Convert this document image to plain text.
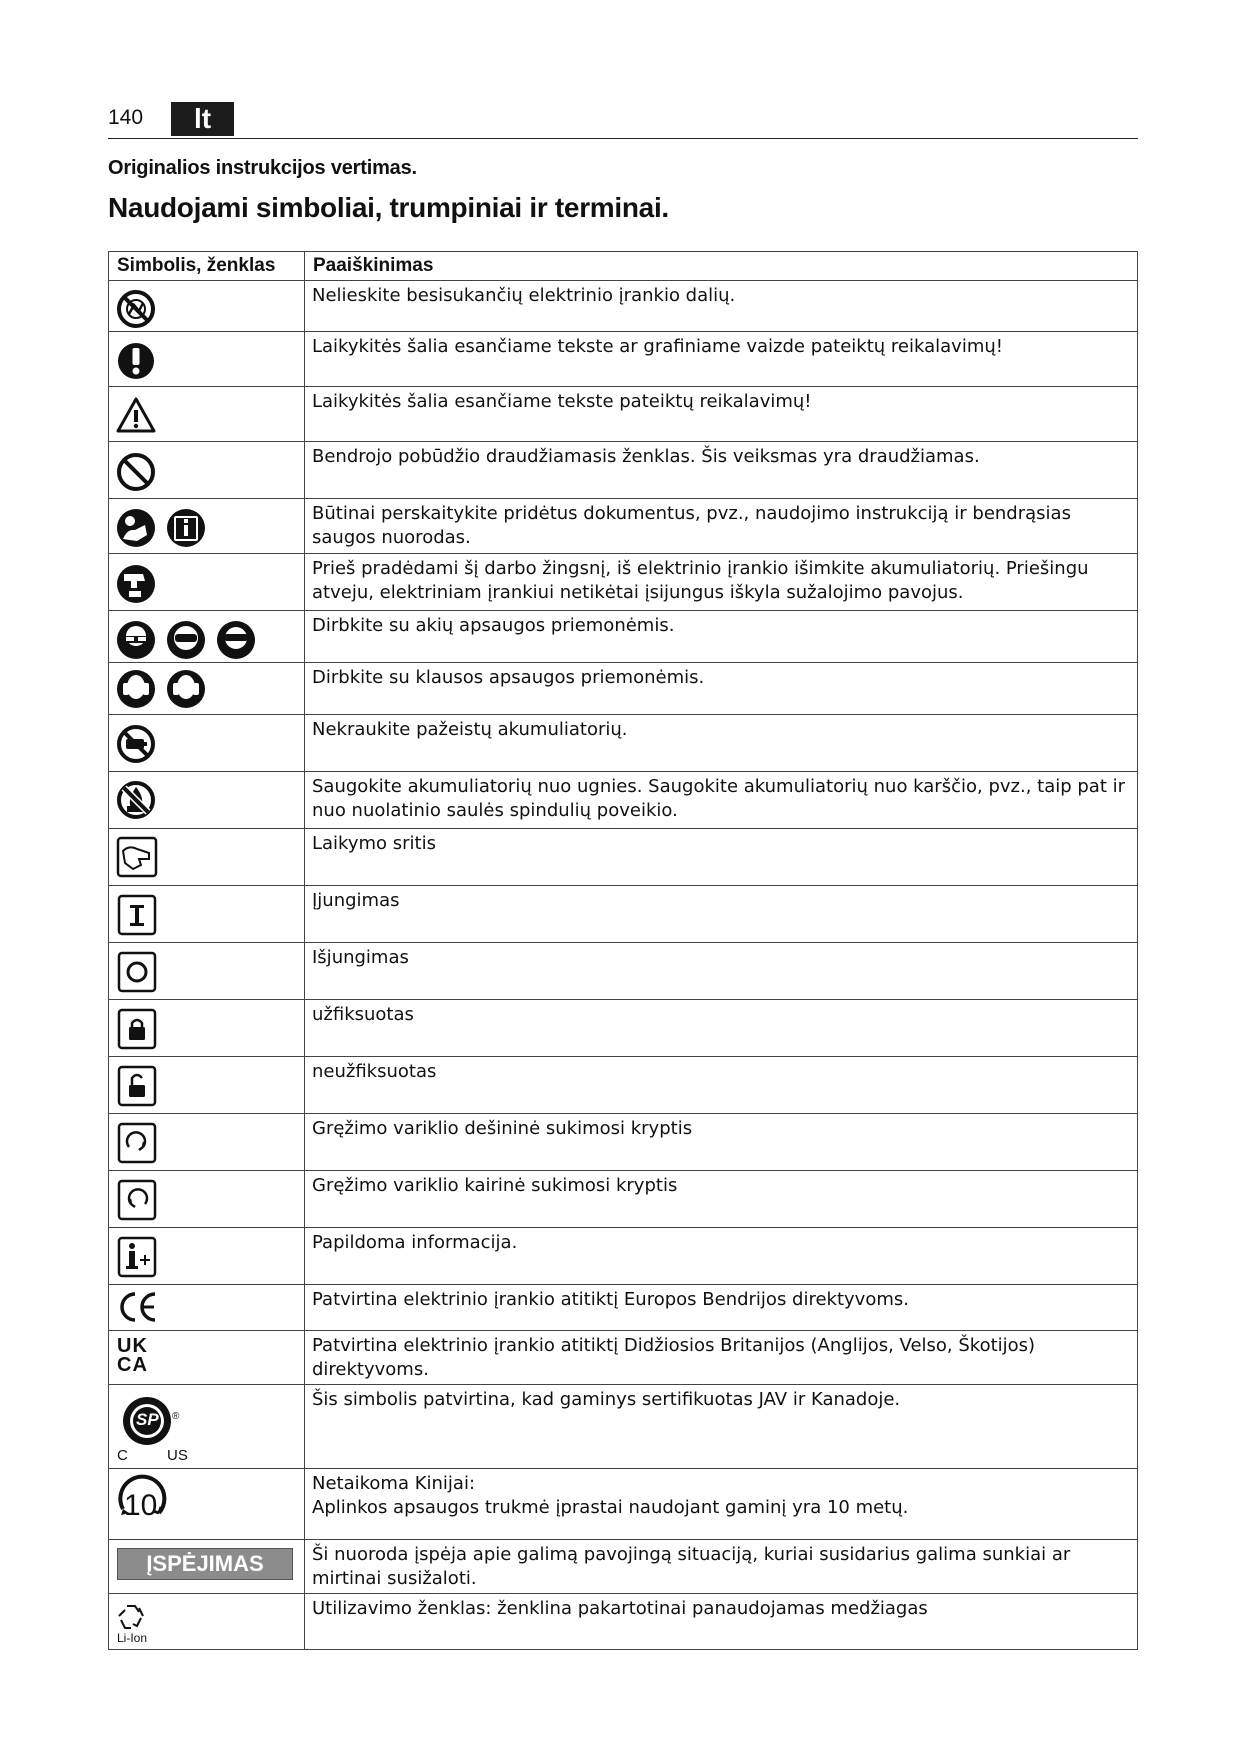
140	lt
Originalios instrukcijos vertimas.
Naudojami simboliai, trumpiniai ir terminai.
Simbolis, ženklas	Paaiškinimas

	Nelieskite besisukančių elektrinio įrankio dalių.

	Laikykitės šalia esančiame tekste ar grafiniame vaizde pateiktų reikalavimų!

	Laikykitės šalia esančiame tekste pateiktų reikalavimų!

	Bendrojo pobūdžio draudžiamasis ženklas. Šis veiksmas yra draudžiamas.

	Būtinai perskaitykite pridėtus dokumentus, pvz., naudojimo instrukciją ir bendrąsias saugos nuorodas.

	Prieš pradėdami šį darbo žingsnį, iš elektrinio įrankio išimkite akumuliatorių. Priešingu atveju, elektriniam įrankiui netikėtai įsijungus iškyla sužalojimo pavojus.

	Dirbkite su akių apsaugos priemonėmis.

	Dirbkite su klausos apsaugos priemonėmis.

	Nekraukite pažeistų akumuliatorių.

	Saugokite akumuliatorių nuo ugnies. Saugokite akumuliatorių nuo karščio, pvz., taip pat ir nuo nuolatinio saulės spindulių poveikio.

	Laikymo sritis

	Įjungimas

	Išjungimas

	užfiksuotas

	neužfiksuotas

	Gręžimo variklio dešininė sukimosi kryptis

	Gręžimo variklio kairinė sukimosi kryptis

	Papildoma informacija.

	Patvirtina elektrinio įrankio atitiktį Europos Bendrijos direktyvoms.

UK
CA	Patvirtina elektrinio įrankio atitiktį Didžiosios Britanijos (Anglijos, Velso, Škotijos) direktyvoms.

SP ®
C US	Šis simbolis patvirtina, kad gaminys sertifikuotas JAV ir Kanadoje.

10	Netaikoma Kinijai:
Aplinkos apsaugos trukmė įprastai naudojant gaminį yra 10 metų.

ĮSPĖJIMAS	Ši nuoroda įspėja apie galimą pavojingą situaciją, kuriai susidarius galima sunkiai ar mirtinai susižaloti.

Li-Ion	Utilizavimo ženklas: ženklina pakartotinai panaudojamas medžiagas
